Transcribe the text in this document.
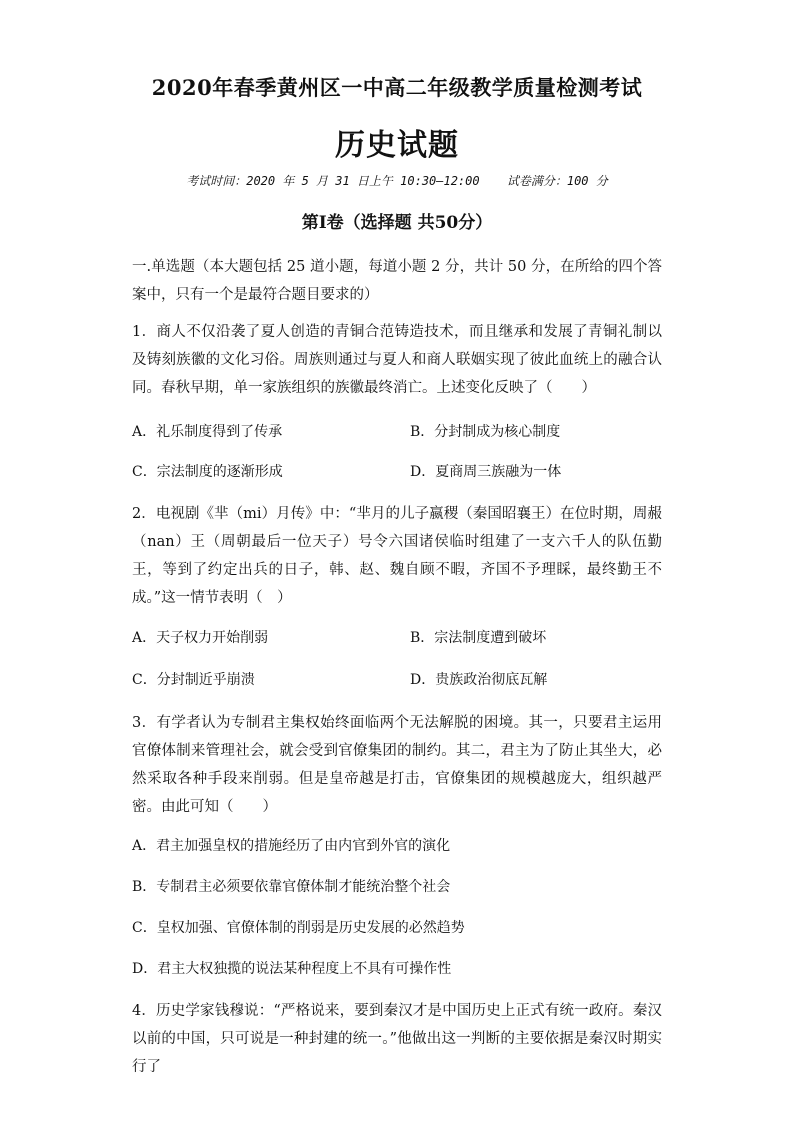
2020年春季黄州区一中高二年级教学质量检测考试
历史试题
考试时间：2020 年 5 月 31 日上午 10:30—12:00 试卷满分：100 分
第Ⅰ卷（选择题 共50分）

一.单选题（本大题包括 25 道小题，每道小题 2 分，共计 50 分，在所给的四个答案中，只有一个是最符合题目要求的）

1．商人不仅沿袭了夏人创造的青铜合范铸造技术，而且继承和发展了青铜礼制以及铸刻族徽的文化习俗。周族则通过与夏人和商人联姻实现了彼此血统上的融合认同。春秋早期，单一家族组织的族徽最终消亡。上述变化反映了（　　）

A．礼乐制度得到了传承	B．分封制成为核心制度
C．宗法制度的逐渐形成	D．夏商周三族融为一体

2．电视剧《芈（mi）月传》中：“芈月的儿子嬴稷（秦国昭襄王）在位时期，周赧（nan）王（周朝最后一位天子）号令六国诸侯临时组建了一支六千人的队伍勤王，等到了约定出兵的日子，韩、赵、魏自顾不暇，齐国不予理睬，最终勤王不成。”这一情节表明（　）

A．天子权力开始削弱	B．宗法制度遭到破坏
C．分封制近乎崩溃	D．贵族政治彻底瓦解

3．有学者认为专制君主集权始终面临两个无法解脱的困境。其一，只要君主运用官僚体制来管理社会，就会受到官僚集团的制约。其二，君主为了防止其坐大，必然采取各种手段来削弱。但是皇帝越是打击，官僚集团的规模越庞大，组织越严密。由此可知（　　）

A．君主加强皇权的措施经历了由内官到外官的演化
B．专制君主必须要依靠官僚体制才能统治整个社会
C．皇权加强、官僚体制的削弱是历史发展的必然趋势
D．君主大权独揽的说法某种程度上不具有可操作性

4．历史学家钱穆说：“严格说来，要到秦汉才是中国历史上正式有统一政府。秦汉以前的中国，只可说是一种封建的统一。”他做出这一判断的主要依据是秦汉时期实行了
